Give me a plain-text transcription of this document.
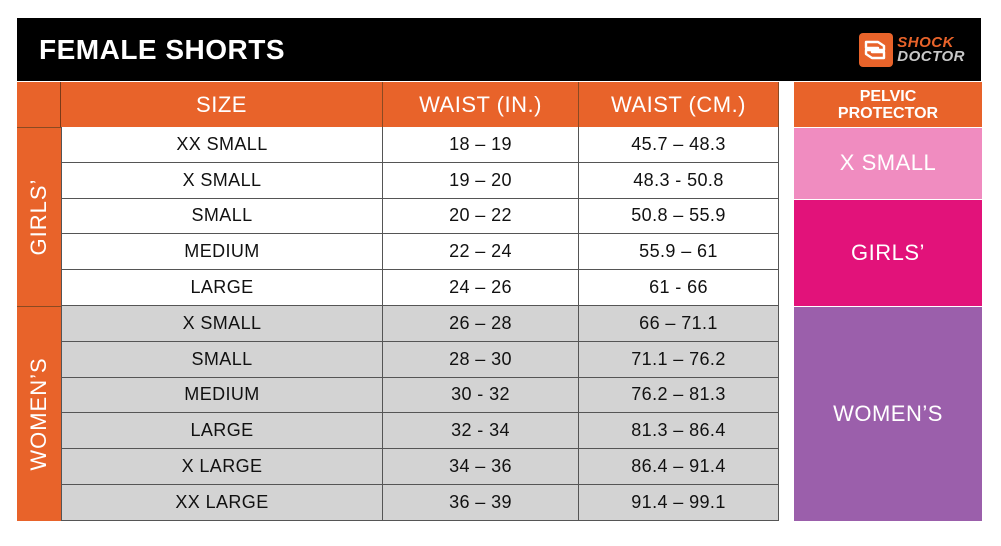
FEMALE SHORTS	SHOCK
DOCTOR
SIZE	WAIST (IN.)	WAIST (CM.)
GIRLS’
XX SMALL	18 – 19	45.7 – 48.3
X SMALL	19 – 20	48.3 - 50.8
SMALL	20 – 22	50.8 – 55.9
MEDIUM	22 – 24	55.9 – 61
LARGE	24 – 26	61 - 66
WOMEN’S
X SMALL	26 – 28	66 – 71.1
SMALL	28 – 30	71.1 – 76.2
MEDIUM	30 - 32	76.2 – 81.3
LARGE	32 - 34	81.3 – 86.4
X LARGE	34 – 36	86.4 – 91.4
XX LARGE	36 – 39	91.4 – 99.1
PELVIC
PROTECTOR
X SMALL
GIRLS’
WOMEN’S
